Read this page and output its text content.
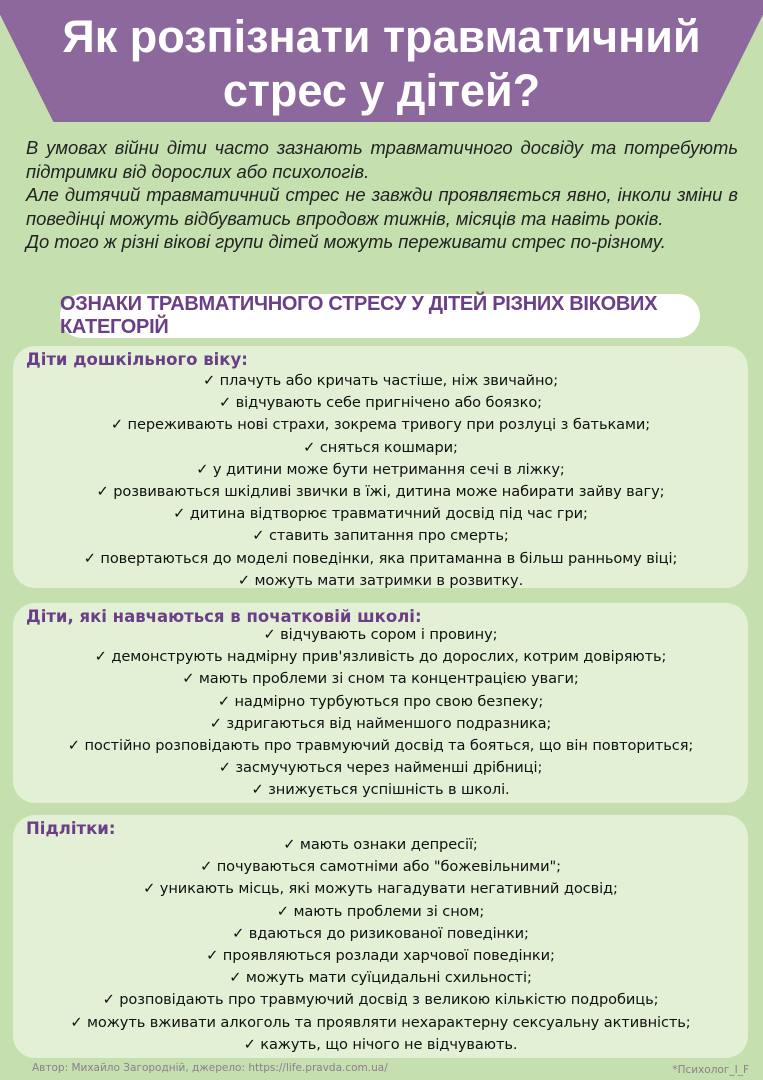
Як розпізнати травматичний
стрес у дітей?

В умовах війни діти часто зазнають травматичного досвіду та потребують підтримки від дорослих або психологів.

Але дитячий травматичний стрес не завжди проявляється явно, інколи зміни в поведінці можуть відбуватись впродовж тижнів, місяців та навіть років.

До того ж різні вікові групи дітей можуть переживати стрес по-різному.

ОЗНАКИ ТРАВМАТИЧНОГО СТРЕСУ У ДІТЕЙ РІЗНИХ ВІКОВИХ КАТЕГОРІЙ
Діти дошкільного віку:
✓ плачуть або кричать частіше, ніж звичайно;
✓ відчувають себе пригнічено або боязко;
✓ переживають нові страхи, зокрема тривогу при розлуці з батьками;
✓ сняться кошмари;
✓ у дитини може бути нетримання сечі в ліжку;
✓ розвиваються шкідливі звички в їжі, дитина може набирати зайву вагу;
✓ дитина відтворює травматичний досвід під час гри;
✓ ставить запитання про смерть;
✓ повертаються до моделі поведінки, яка притаманна в більш ранньому віці;
✓ можуть мати затримки в розвитку.
Діти, які навчаються в початковій школі:
✓ відчувають сором і провину;
✓ демонструють надмірну прив'язливість до дорослих, котрим довіряють;
✓ мають проблеми зі сном та концентрацією уваги;
✓ надмірно турбуються про свою безпеку;
✓ здригаються від найменшого подразника;
✓ постійно розповідають про травмуючий досвід та бояться, що він повториться;
✓ засмучуються через найменші дрібниці;
✓ знижується успішність в школі.
Підлітки:
✓ мають ознаки депресії;
✓ почуваються самотніми або "божевільними";
✓ уникають місць, які можуть нагадувати негативний досвід;
✓ мають проблеми зі сном;
✓ вдаються до ризикованої поведінки;
✓ проявляються розлади харчової поведінки;
✓ можуть мати суїцидальні схильності;
✓ розповідають про травмуючий досвід з великою кількістю подробиць;
✓ можуть вживати алкоголь та проявляти нехарактерну сексуальну активність;
✓ кажуть, що нічого не відчувають.
Автор: Михайло Загородній, джерело: https://life.pravda.com.ua/	*Психолог_I_F
